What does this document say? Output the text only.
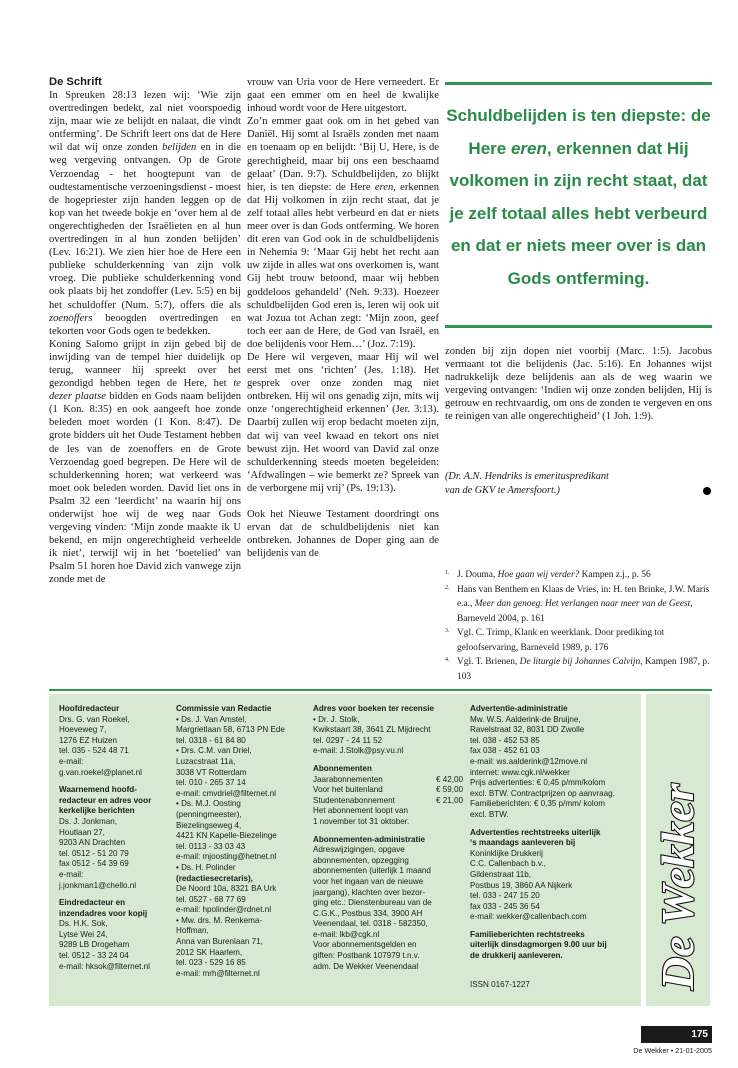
De Schrift

In Spreuken 28:13 lezen wij: ‘Wie zijn overtredingen bedekt, zal niet voorspoedig zijn, maar wie ze belijdt en nalaat, die vindt ontferming’. De Schrift leert ons dat de Here wil dat wij onze zonden belijden en in die weg vergeving ontvangen. Op de Grote Verzoendag - het hoogtepunt van de oudtestamentische verzoeningsdienst - moest de hogepriester zijn handen leggen op de kop van het tweede bokje en ‘over hem al de ongerechtigheden der Israëlieten en al hun overtredingen in al hun zonden belijden’ (Lev. 16:21). We zien hier hoe de Here een publieke schulderkenning van zijn volk vroeg. Die publieke schulderkenning vond ook plaats bij het zondoffer (Lev. 5:5) en bij het schuldoffer (Num. 5:7), offers die als zoenoffers beoogden overtredingen en tekorten voor Gods ogen te bedekken.

Koning Salomo grijpt in zijn gebed bij de inwijding van de tempel hier duidelijk op terug, wanneer hij spreekt over het gezondigd hebben tegen de Here, het te dezer plaatse bidden en Gods naam belijden (1 Kon. 8:35) en ook aangeeft hoe zonde beleden moet worden (1 Kon. 8:47). De grote bidders uit het Oude Testament hebben de les van de zoenoffers en de Grote Verzoendag goed begrepen. De Here wil de schulderkenning horen; wat verkeerd was moet ook beleden worden. David liet ons in Psalm 32 een ‘leerdicht’ na waarin hij ons onderwijst hoe wij de weg naar Gods vergeving vinden: ‘Mijn zonde maakte ik U bekend, en mijn ongerechtigheid verheelde ik niet’, terwijl wij in het ‘boetelied’ van Psalm 51 horen hoe David zich vanwege zijn zonde met de

vrouw van Uria voor de Here verneedert. Er gaat een emmer om en heel de kwalijke inhoud wordt voor de Here uitgestort.

Zo’n emmer gaat ook om in het gebed van Daniël. Hij somt al Israëls zonden met naam en toenaam op en belijdt: ‘Bij U, Here, is de gerechtigheid, maar bij ons een beschaamd gelaat’ (Dan. 9:7). Schuldbelijden, zo blijkt hier, is ten diepste: de Here eren, erkennen dat Hij volkomen in zijn recht staat, dat je zelf totaal alles hebt verbeurd en dat er niets meer over is dan Gods ontferming. We horen dit eren van God ook in de schuldbelijdenis in Nehemia 9: ‘Maar Gij hebt het recht aan uw zijde in alles wat ons overkomen is, want Gij hebt trouw betoond, maar wij hebben goddeloos gehandeld’ (Neh. 9:33). Hoezeer schuldbelijden God eren is, leren wij ook uit wat Jozua tot Achan zegt: ‘Mijn zoon, geef toch eer aan de Here, de God van Israël, en doe belijdenis voor Hem…’ (Joz. 7:19).

De Here wil vergeven, maar Hij wil wel eerst met ons ‘richten’ (Jes. 1:18). Het gesprek over onze zonden mag niet ontbreken. Hij wil ons genadig zijn, mits wij onze ‘ongerechtigheid erkennen’ (Jer. 3:13). Daarbij zullen wij erop bedacht moeten zijn, dat wij van veel kwaad en tekort ons niet bewust zijn. Het woord van David zal onze schulderkenning steeds moeten begeleiden: ‘Afdwalingen – wie bemerkt ze? Spreek van de verborgene mij vrij’ (Ps. 19:13).

Ook het Nieuwe Testament doordringt ons ervan dat de schuldbelijdenis niet kan ontbreken. Johannes de Doper ging aan de belijdenis van de

Schuldbelijden is ten diepste: de Here eren, erkennen dat Hij volkomen in zijn recht staat, dat je zelf totaal alles hebt verbeurd en dat er niets meer over is dan Gods ontferming.

zonden bij zijn dopen niet voorbij (Marc. 1:5). Jacobus vermaant tot die belijdenis (Jac. 5:16). En Johannes wijst nadrukkelijk deze belijdenis aan als de weg waarin we vergeving ontvangen: ‘Indien wij onze zonden belijden, Hij is getrouw en rechtvaardig, om ons de zonden te vergeven en ons te reinigen van alle ongerechtigheid’ (1 Joh. 1:9).

(Dr. A.N. Hendriks is emerituspredikant
van de GKV te Amersfoort.)
1. J. Douma, Hoe gaan wij verder? Kampen z.j., p. 56
2. Hans van Benthem en Klaas de Vries, in: H. ten Brinke, J.W. Maris e.a., Meer dan genoeg. Het verlangen naar meer van de Geest, Barneveld 2004, p. 161
3. Vgl. C. Trimp, Klank en weerklank. Door prediking tot geloofservaring, Barneveld 1989, p. 176
4. Vgl. T. Brienen, De liturgie bij Johannes Calvijn, Kampen 1987, p. 103
Hoofdredacteur
Drs. G. van Roekel,
Hoeveweg 7,
1276 EZ Huizen
tel. 035 - 524 48 71
e-mail:
g.van.roekel@planet.nl
Waarnemend hoofd-
redacteur en adres voor
kerkelijke berichten
Ds. J. Jonkman,
Houtlaan 27,
9203 AN Drachten
tel. 0512 - 51 20 79
fax 0512 - 54 39 69
e-mail:
j.jonkman1@chello.nl
Eindredacteur en
inzendadres voor kopij
Ds. H.K. Sok,
Lytse Wei 24,
9289 LB Drogeham
tel. 0512 - 33 24 04
e-mail: hksok@filternet.nl
Commissie van Redactie
• Ds. J. Van Amstel,
Margrietlaan 58, 6713 PN Ede
tel. 0318 - 61 84 80
• Drs. C.M. van Driel,
Luzacstraat 11a,
3038 VT Rotterdam
tel. 010 - 265 37 14
e-mail: cmvdriel@filternet.nl
• Ds. M.J. Oosting
(penningmeester),
Biezelingseweg 4,
4421 KN Kapelle-Biezelinge
tel. 0113 - 33 03 43
e-mail: mjoosting@hetnet.nl
• Ds. H. Polinder
(redactiesecretaris),
De Noord 10a, 8321 BA Urk
tel. 0527 - 68 77 69
e-mail: hpolinder@rdnet.nl
• Mw. drs. M. Renkema-
Hoffman,
Anna van Burenlaan 71,
2012 SK Haarlem,
tel. 023 - 529 16 85
e-mail: mrh@filternet.nl
Adres voor boeken ter recensie
• Dr. J. Stolk,
Kwikstaart 38, 3641 ZL Mijdrecht
tel. 0297 - 24 11 52
e-mail: J.Stolk@psy.vu.nl
Abonnementen
Jaarabonnementen	€ 42,00
Voor het buitenland	€ 59,00
Studentenabonnement	€ 21,00
Het abonnement loopt van
1 november tot 31 oktober.
Abonnementen-administratie
Adreswijzigingen, opgave
abonnementen, opzegging
abonnementen (uiterlijk 1 maand
voor het ingaan van de nieuwe
jaargang), klachten over bezor-
ging etc.: Dienstenbureau van de
C.G.K., Postbus 334, 3900 AH
Veenendaal, tel. 0318 - 582350,
e-mail: lkb@cgk.nl
Voor abonnementsgelden en
giften: Postbank 107979 t.n.v.
adm. De Wekker Veenendaal
Advertentie-administratie
Mw. W.S. Aalderink-de Bruijne,
Ravelstraat 32, 8031 DD Zwolle
tel. 038 - 452 53 85
fax 038 - 452 61 03
e-mail: ws.aalderink@12move.nl
internet: www.cgk.nl/wekker
Prijs advertenties: € 0,45 p/mm/kolom
excl. BTW. Contractprijzen op aanvraag.
Familieberichten: € 0,35 p/mm/ kolom
excl. BTW.
Advertenties rechtstreeks uiterlijk
‘s maandags aanleveren bij
Koninklijke Drukkerij
C.C. Callenbach b.v.,
Gildenstraat 11b,
Postbus 19, 3860 AA Nijkerk
tel. 033 - 247 15 20
fax 033 - 245 36 54
e-mail: wekker@callenbach.com
Familieberichten rechtstreeks
uiterlijk dinsdagmorgen 9.00 uur bij
de drukkerij aanleveren.
ISSN 0167-1227	De Wekker
175
De Wekker • 21-01-2005
